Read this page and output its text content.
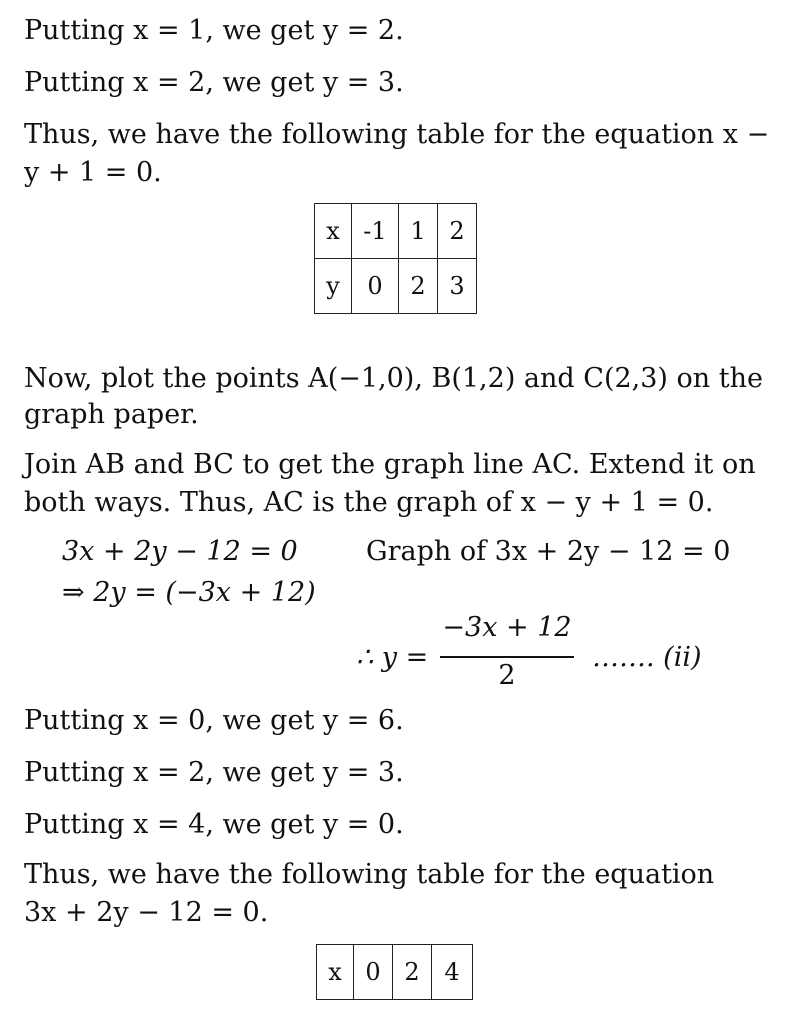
Putting x = 1, we get y = 2.
Putting x = 2, we get y = 3.
Thus, we have the following table for the equation x −
y + 1 = 0.
x	-1	1	2
y	0	2	3
Now, plot the points A(−1,0), B(1,2) and C(2,3) on the
graph paper.
Join AB and BC to get the graph line AC. Extend it on
both ways. Thus, AC is the graph of x − y + 1 = 0.
3x + 2y − 12 = 0	Graph of 3x + 2y − 12 = 0
⇒ 2y = (−3x + 12)
∴ y =
−3x + 12
2
……. (ii)
Putting x = 0, we get y = 6.
Putting x = 2, we get y = 3.
Putting x = 4, we get y = 0.
Thus, we have the following table for the equation
3x + 2y − 12 = 0.
x	0	2	4
